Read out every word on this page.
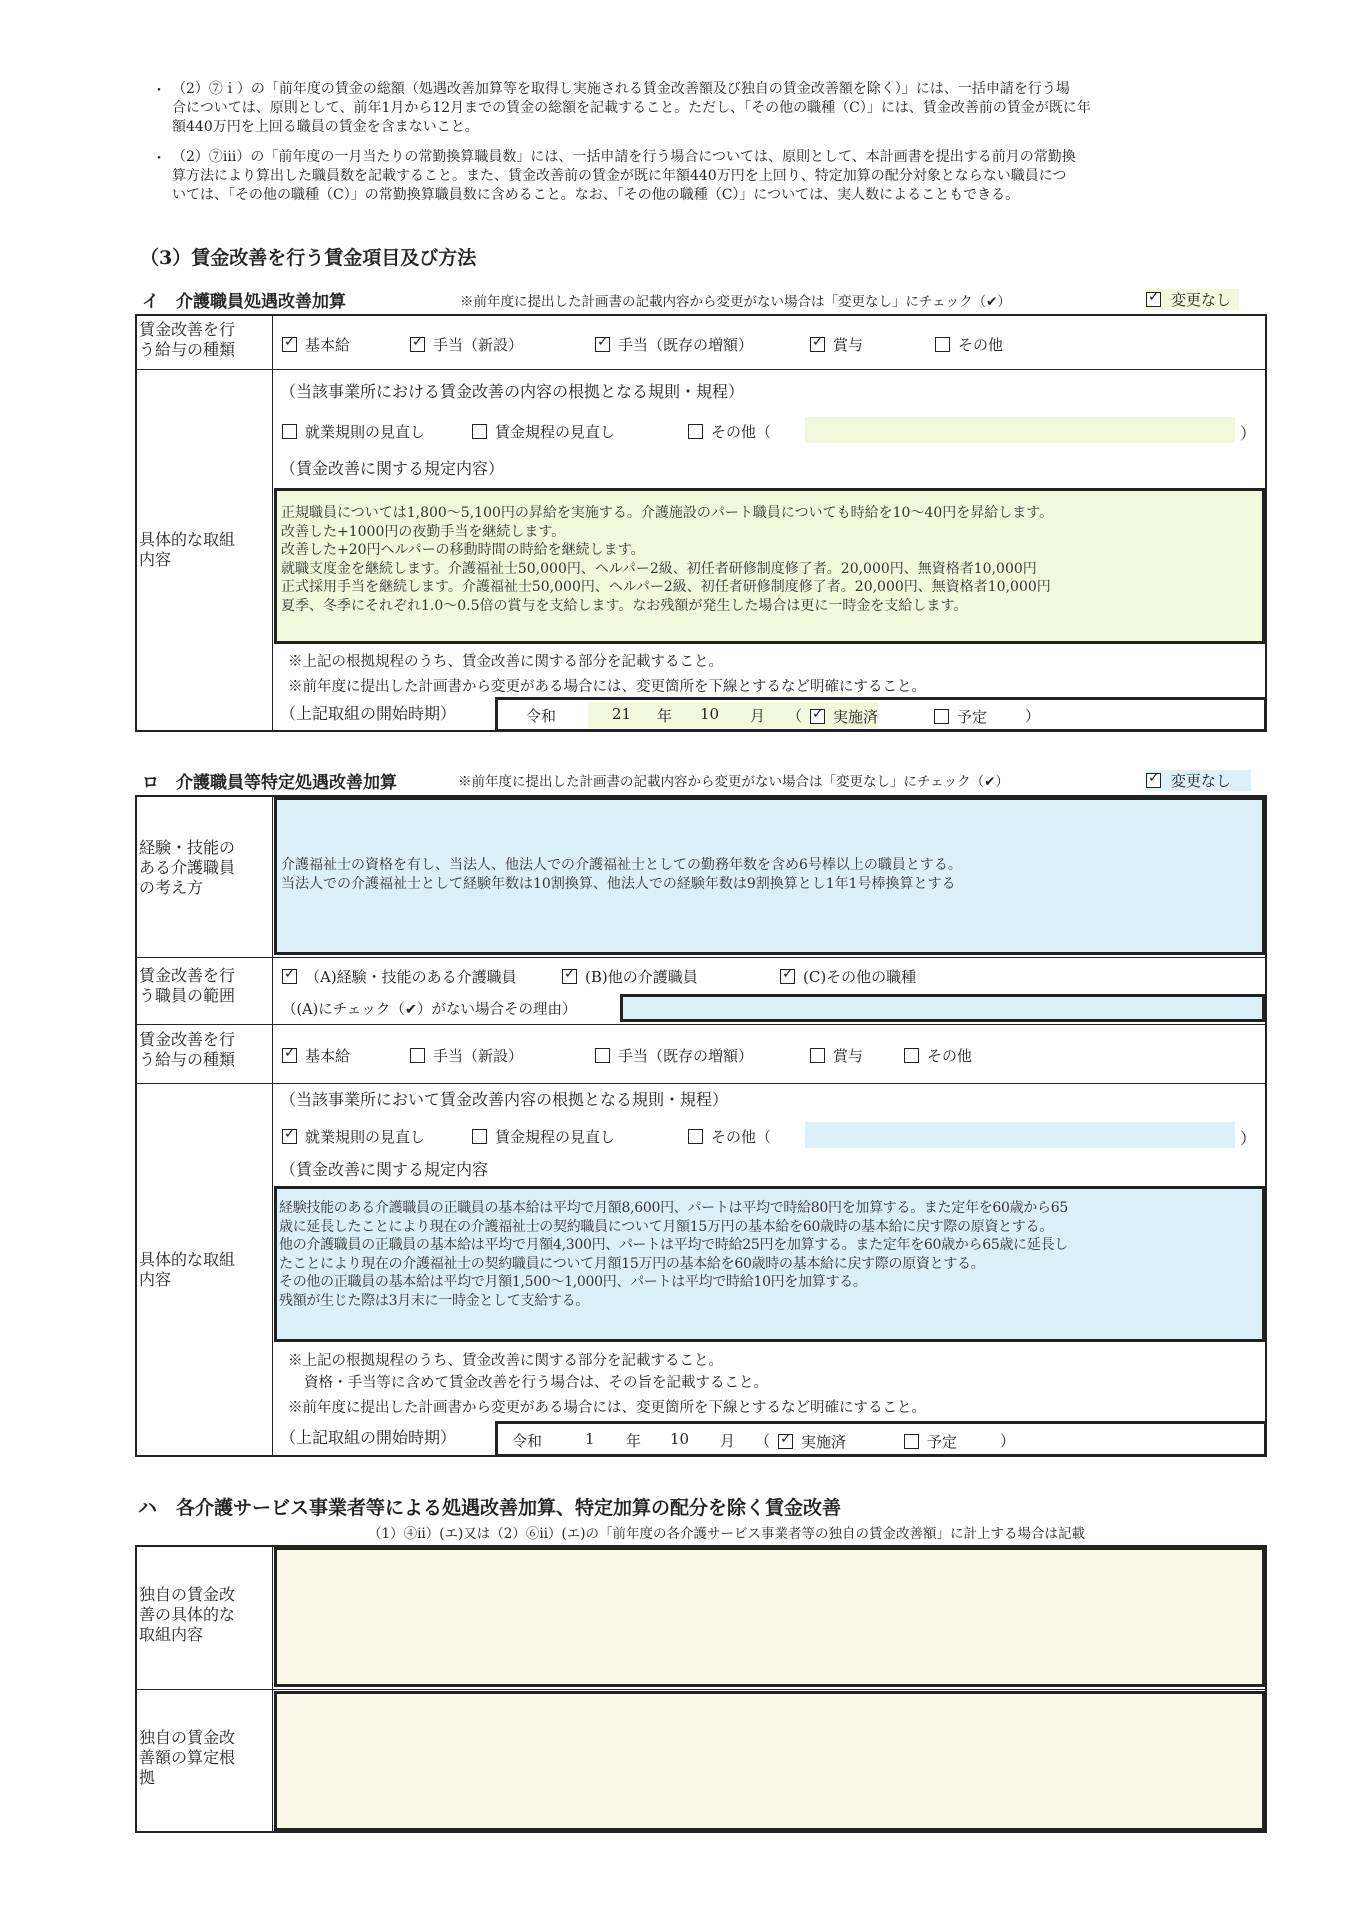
・ （2）⑦ｉ）の「前年度の賃金の総額（処遇改善加算等を取得し実施される賃金改善額及び独自の賃金改善額を除く）」には、一括申請を行う場
合については、原則として、前年1月から12月までの賃金の総額を記載すること。ただし、「その他の職種（C）」には、賃金改善前の賃金が既に年
額440万円を上回る職員の賃金を含まないこと。
・ （2）⑦ⅲ）の「前年度の一月当たりの常勤換算職員数」には、一括申請を行う場合については、原則として、本計画書を提出する前月の常勤換
算方法により算出した職員数を記載すること。また、賃金改善前の賃金が既に年額440万円を上回り、特定加算の配分対象とならない職員につ
いては、「その他の職種（C）」の常勤換算職員数に含めること。なお、「その他の職種（C）」については、実人数によることもできる。
（3）賃金改善を行う賃金項目及び方法
イ　介護職員処遇改善加算	※前年度に提出した計画書の記載内容から変更がない場合は「変更なし」にチェック（✔） ✓	変更なし
賃金改善を行
う給与の種類 ✓	基本給 ✓	手当（新設） ✓	手当（既存の増額） ✓	賞与	その他
具体的な取組
内容
（当該事業所における賃金改善の内容の根拠となる規則・規程）
就業規則の見直し	賃金規程の見直し	その他（	）
（賃金改善に関する規定内容）
正規職員については1,800～5,100円の昇給を実施する。介護施設のパート職員についても時給を10～40円を昇給します。
改善した+1000円の夜勤手当を継続します。
改善した+20円ヘルパーの移動時間の時給を継続します。
就職支度金を継続します。介護福祉士50,000円、ヘルパー2級、初任者研修制度修了者。20,000円、無資格者10,000円
正式採用手当を継続します。介護福祉士50,000円、ヘルパー2級、初任者研修制度修了者。20,000円、無資格者10,000円
夏季、冬季にそれぞれ1.0～0.5倍の賞与を支給します。なお残額が発生した場合は更に一時金を支給します。
※上記の根拠規程のうち、賃金改善に関する部分を記載すること。
※前年度に提出した計画書から変更がある場合には、変更箇所を下線とするなど明確にすること。
（上記取組の開始時期）	令和	21 年 10 月 （ ✓ 実施済	予定	）
ロ　介護職員等特定処遇改善加算	※前年度に提出した計画書の記載内容から変更がない場合は「変更なし」にチェック（✔） ✓	変更なし
経験・技能の
ある介護職員
の考え方
介護福祉士の資格を有し、当法人、他法人での介護福祉士としての勤務年数を含め6号棒以上の職員とする。
当法人での介護福祉士として経験年数は10割換算、他法人での経験年数は9割換算とし1年1号棒換算とする
賃金改善を行
う職員の範囲
✓
（A)経験・技能のある介護職員 ✓	(B)他の介護職員 ✓	(C)その他の職種
（(A)にチェック（✔）がない場合その理由）
賃金改善を行
う給与の種類 ✓	基本給	手当（新設）	手当（既存の増額）	賞与	その他
具体的な取組
内容
（当該事業所において賃金改善内容の根拠となる規則・規程）
✓
就業規則の見直し	賃金規程の見直し	その他（	）
（賃金改善に関する規定内容
経験技能のある介護職員の正職員の基本給は平均で月額8,600円、パートは平均で時給80円を加算する。また定年を60歳から65
歳に延長したことにより現在の介護福祉士の契約職員について月額15万円の基本給を60歳時の基本給に戻す際の原資とする。
他の介護職員の正職員の基本給は平均で月額4,300円、パートは平均で時給25円を加算する。また定年を60歳から65歳に延長し
たことにより現在の介護福祉士の契約職員について月額15万円の基本給を60歳時の基本給に戻す際の原資とする。
その他の正職員の基本給は平均で月額1,500～1,000円、パートは平均で時給10円を加算する。
残額が生じた際は3月末に一時金として支給する。
※上記の根拠規程のうち、賃金改善に関する部分を記載すること。
資格・手当等に含めて賃金改善を行う場合は、その旨を記載すること。
※前年度に提出した計画書から変更がある場合には、変更箇所を下線とするなど明確にすること。
（上記取組の開始時期）	令和	1 年 10 月 （ ✓ 実施済	予定	）
ハ　各介護サービス事業者等による処遇改善加算、特定加算の配分を除く賃金改善
（1）④ⅱ）(エ)又は（2）⑥ⅱ）(エ)の「前年度の各介護サービス事業者等の独自の賃金改善額」に計上する場合は記載
独自の賃金改
善の具体的な
取組内容
独自の賃金改
善額の算定根
拠
